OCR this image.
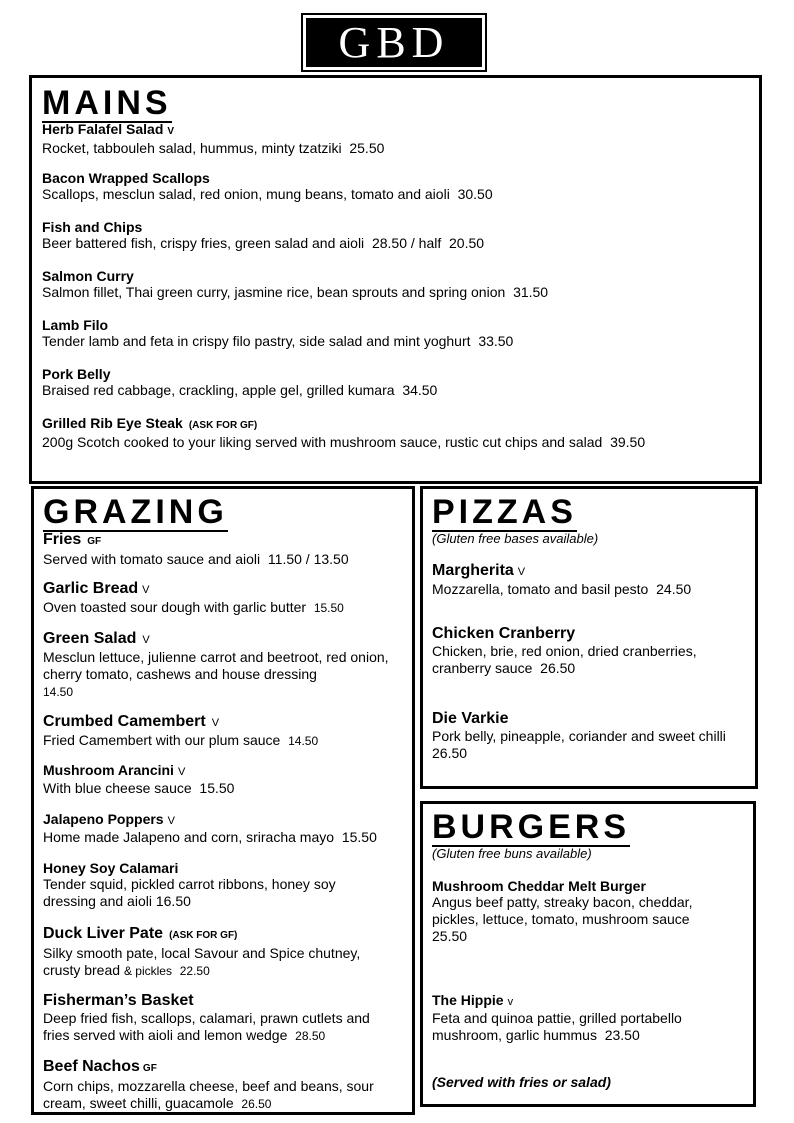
GBD
MAINS
Herb Falafel Salad V
Rocket, tabbouleh salad, hummus, minty tzatziki 25.50
Bacon Wrapped Scallops
Scallops, mesclun salad, red onion, mung beans, tomato and aioli 30.50
Fish and Chips
Beer battered fish, crispy fries, green salad and aioli 28.50 / half  20.50
Salmon Curry
Salmon fillet, Thai green curry, jasmine rice, bean sprouts and spring onion 31.50
Lamb Filo
Tender lamb and feta in crispy filo pastry, side salad and mint yoghurt 33.50
Pork Belly
Braised red cabbage, crackling, apple gel, grilled kumara 34.50
Grilled Rib Eye Steak (ASK FOR GF)
200g Scotch cooked to your liking served with mushroom sauce, rustic cut chips and salad 39.50
GRAZING
Fries GF
Served with tomato sauce and aioli 11.50 / 13.50
Garlic Bread V
Oven toasted sour dough with garlic butter 15.50
Green Salad V
Mesclun lettuce, julienne carrot and beetroot, red onion, cherry tomato, cashews and house dressing
14.50
Crumbed Camembert V
Fried Camembert with our plum sauce 14.50
Mushroom Arancini V
With blue cheese sauce 15.50
Jalapeno Poppers V
Home made Jalapeno and corn, sriracha mayo 15.50
Honey Soy Calamari
Tender squid, pickled carrot ribbons, honey soy dressing and aioli 16.50
Duck Liver Pate (ASK FOR GF)
Silky smooth pate, local Savour and Spice chutney, crusty bread & pickles 22.50
Fisherman’s Basket
Deep fried fish, scallops, calamari, prawn cutlets and fries served with aioli and lemon wedge 28.50
Beef Nachos GF
Corn chips, mozzarella cheese, beef and beans, sour cream, sweet chilli, guacamole 26.50
PIZZAS
(Gluten free bases available)
Margherita V
Mozzarella, tomato and basil pesto 24.50
Chicken Cranberry
Chicken, brie, red onion, dried cranberries, cranberry sauce 26.50
Die Varkie
Pork belly, pineapple, coriander and sweet chilli
26.50
BURGERS
(Gluten free buns available)
Mushroom Cheddar Melt Burger
Angus beef patty, streaky bacon, cheddar, pickles, lettuce, tomato, mushroom sauce
25.50
The Hippie v
Feta and quinoa pattie, grilled portabello mushroom, garlic hummus 23.50
(Served with fries or salad)
